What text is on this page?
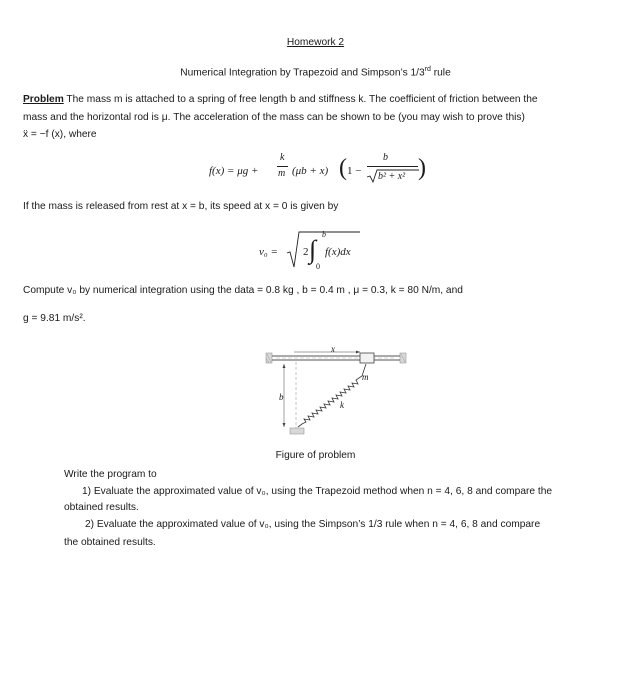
Homework 2
Numerical Integration by Trapezoid and Simpson’s 1/3rd rule
Problem The mass m is attached to a spring of free length b and stiffness k. The coefficient of friction between the
mass and the horizontal rod is μ. The acceleration of the mass can be shown to be (you may wish to prove this)
ẍ = −f (x), where
f(x) = μg +
k
m (μb + x) ( 1 −
b
b² + x² )
If the mass is released from rest at x = b, its speed at x = 0 is given by
v₀ = 2 ∫
b
0
f(x)dx
Compute v₀ by numerical integration using the data = 0.8 kg , b = 0.4 m , μ = 0.3, k = 80 N/m, and
g = 9.81 m/s².
x
m
b
k
Figure of problem
Write the program to
1) Evaluate the approximated value of v₀, using the Trapezoid method when n = 4, 6, 8 and compare the
obtained results.
2) Evaluate the approximated value of v₀, using the Simpson’s 1/3 rule when n = 4, 6, 8 and compare
the obtained results.
